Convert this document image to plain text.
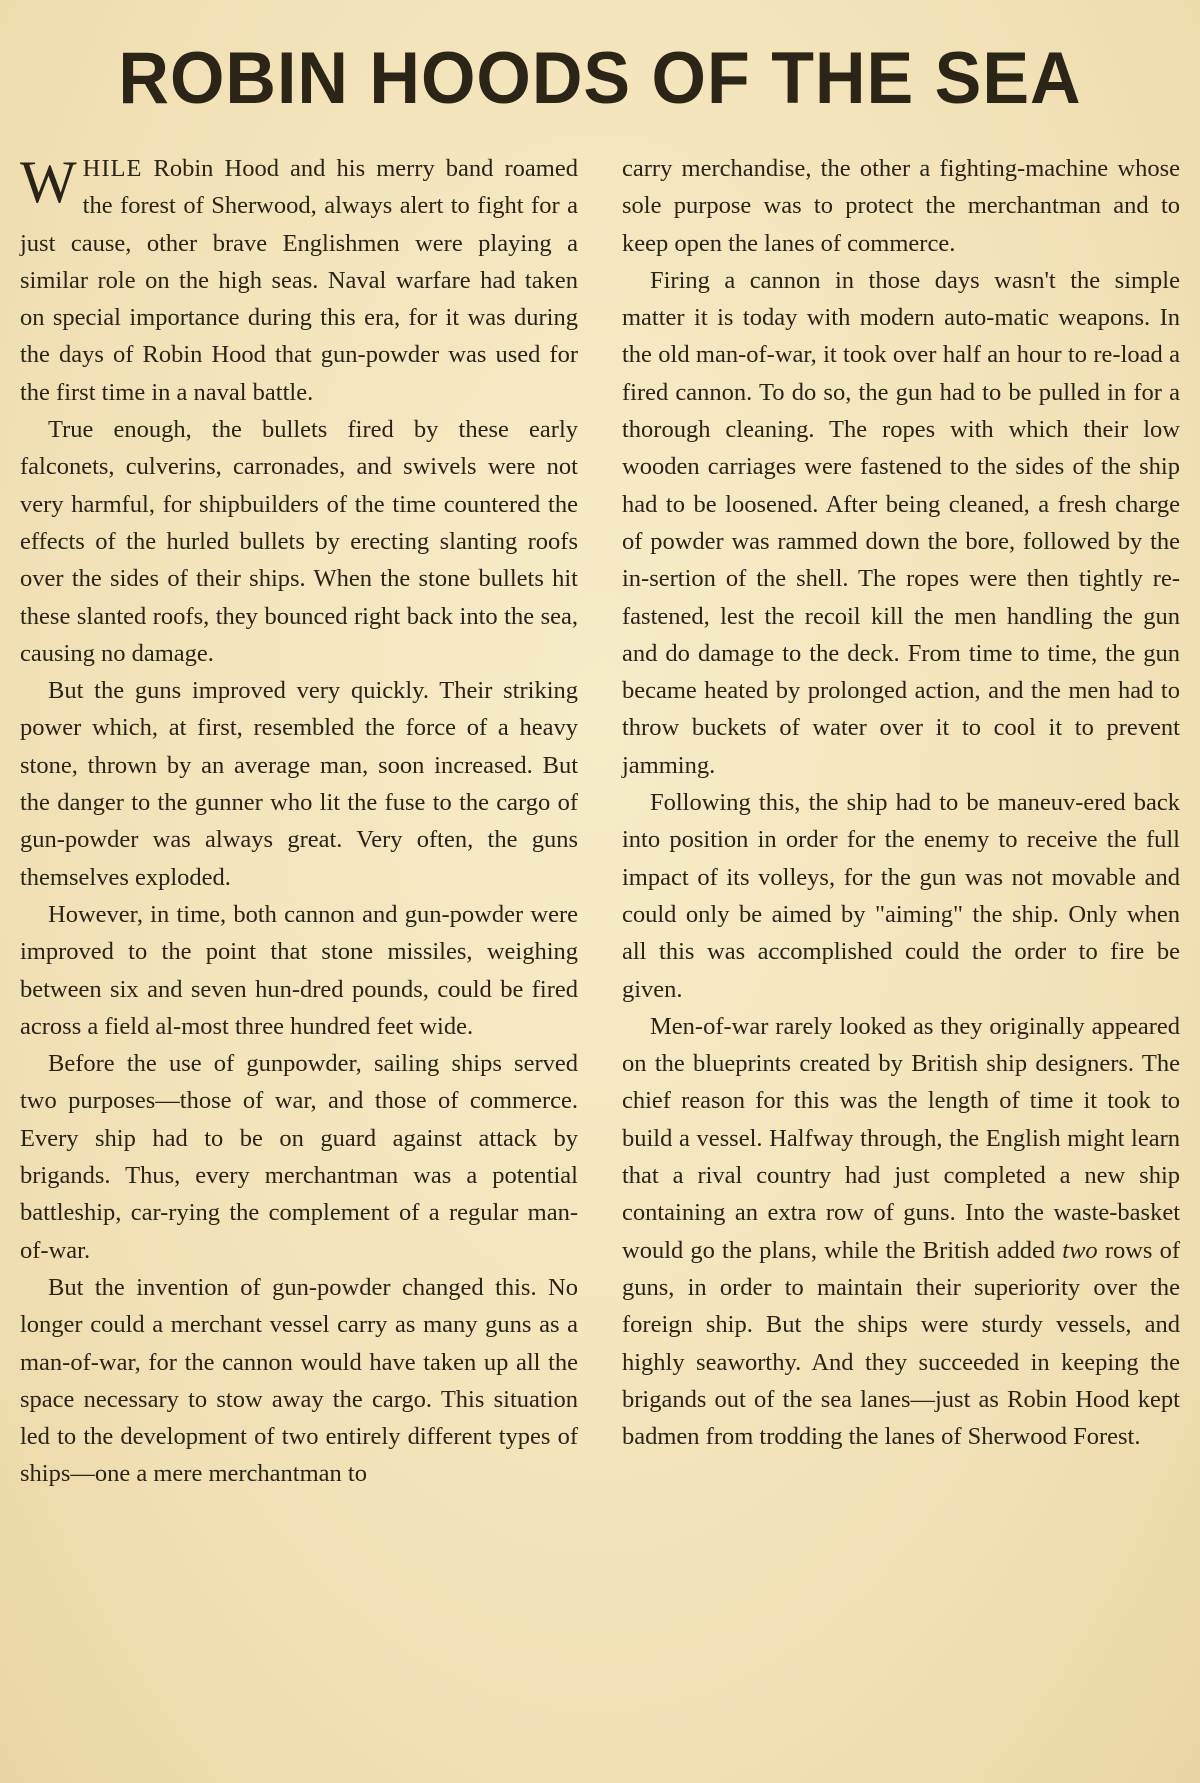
ROBIN HOODS OF THE SEA

WHILE Robin Hood and his merry band roamed the forest of Sherwood, always alert to fight for a just cause, other brave Englishmen were playing a similar role on the high seas. Naval warfare had taken on special importance during this era, for it was during the days of Robin Hood that gun-powder was used for the first time in a naval battle.

True enough, the bullets fired by these early falconets, culverins, carronades, and swivels were not very harmful, for shipbuilders of the time countered the effects of the hurled bullets by erecting slanting roofs over the sides of their ships. When the stone bullets hit these slanted roofs, they bounced right back into the sea, causing no damage.

But the guns improved very quickly. Their striking power which, at first, resembled the force of a heavy stone, thrown by an average man, soon increased. But the danger to the gunner who lit the fuse to the cargo of gun-powder was always great. Very often, the guns themselves exploded.

However, in time, both cannon and gun-powder were improved to the point that stone missiles, weighing between six and seven hun-dred pounds, could be fired across a field al-most three hundred feet wide.

Before the use of gunpowder, sailing ships served two purposes—those of war, and those of commerce. Every ship had to be on guard against attack by brigands. Thus, every merchantman was a potential battleship, car-rying the complement of a regular man-of-war.

But the invention of gun-powder changed this. No longer could a merchant vessel carry as many guns as a man-of-war, for the cannon would have taken up all the space necessary to stow away the cargo. This situation led to the development of two entirely different types of ships—one a mere merchantman to

carry merchandise, the other a fighting-machine whose sole purpose was to protect the merchantman and to keep open the lanes of commerce.

Firing a cannon in those days wasn't the simple matter it is today with modern auto-matic weapons. In the old man-of-war, it took over half an hour to re-load a fired cannon. To do so, the gun had to be pulled in for a thorough cleaning. The ropes with which their low wooden carriages were fastened to the sides of the ship had to be loosened. After being cleaned, a fresh charge of powder was rammed down the bore, followed by the in-sertion of the shell. The ropes were then tightly re-fastened, lest the recoil kill the men handling the gun and do damage to the deck. From time to time, the gun became heated by prolonged action, and the men had to throw buckets of water over it to cool it to prevent jamming.

Following this, the ship had to be maneuv-ered back into position in order for the enemy to receive the full impact of its volleys, for the gun was not movable and could only be aimed by "aiming" the ship. Only when all this was accomplished could the order to fire be given.

Men-of-war rarely looked as they originally appeared on the blueprints created by British ship designers. The chief reason for this was the length of time it took to build a vessel. Halfway through, the English might learn that a rival country had just completed a new ship containing an extra row of guns. Into the waste-basket would go the plans, while the British added two rows of guns, in order to maintain their superiority over the foreign ship. But the ships were sturdy vessels, and highly seaworthy. And they succeeded in keeping the brigands out of the sea lanes—just as Robin Hood kept badmen from trodding the lanes of Sherwood Forest.
